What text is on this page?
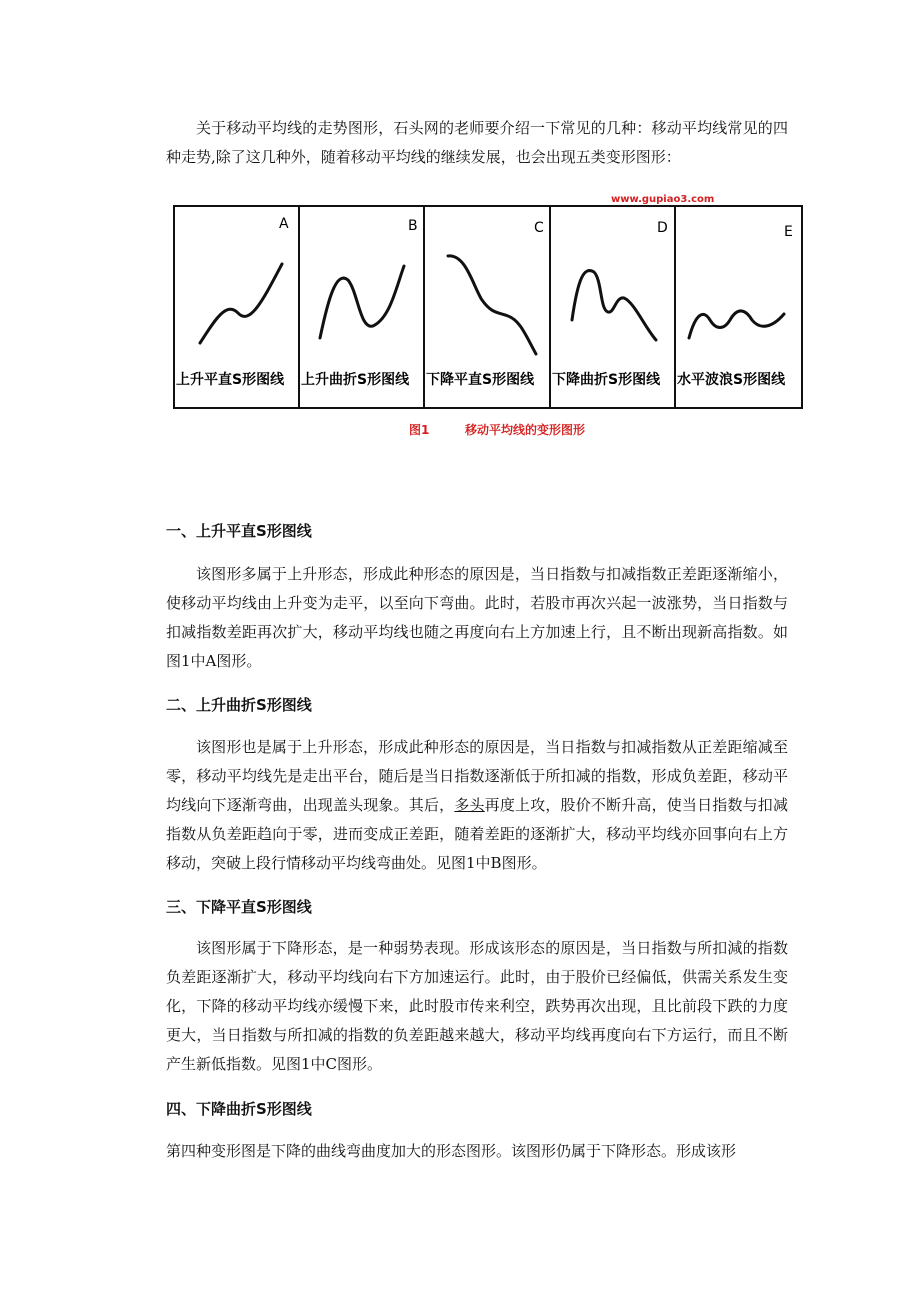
关于移动平均线的走势图形，石头网的老师要介绍一下常见的几种：移动平均线常见的四种走势,除了这几种外，随着移动平均线的继续发展，也会出现五类变形图形：

www.gupiao3.com
A
上升平直S形图线
B
上升曲折S形图线
C
下降平直S形图线
D
下降曲折S形图线
E
水平波浪S形图线
图1	移动平均线的变形图形
一、上升平直S形图线

该图形多属于上升形态，形成此种形态的原因是，当日指数与扣减指数正差距逐渐缩小，使移动平均线由上升变为走平，以至向下弯曲。此时，若股市再次兴起一波涨势，当日指数与扣减指数差距再次扩大，移动平均线也随之再度向右上方加速上行，且不断出现新高指数。如图1中A图形。

二、上升曲折S形图线

该图形也是属于上升形态，形成此种形态的原因是，当日指数与扣减指数从正差距缩减至零，移动平均线先是走出平台，随后是当日指数逐渐低于所扣减的指数，形成负差距，移动平均线向下逐渐弯曲，出现盖头现象。其后，多头再度上攻，股价不断升高，使当日指数与扣减指数从负差距趋向于零，进而变成正差距，随着差距的逐渐扩大，移动平均线亦回事向右上方移动，突破上段行情移动平均线弯曲处。见图1中B图形。

三、下降平直S形图线

该图形属于下降形态，是一种弱势表现。形成该形态的原因是，当日指数与所扣減的指数负差距逐渐扩大，移动平均线向右下方加速运行。此时，由于股价已经偏低，供需关系发生变化，下降的移动平均线亦缓慢下来，此时股市传来利空，跌势再次出现，且比前段下跌的力度更大，当日指数与所扣减的指数的负差距越来越大，移动平均线再度向右下方运行，而且不断产生新低指数。见图1中C图形。

四、下降曲折S形图线

第四种变形图是下降的曲线弯曲度加大的形态图形。该图形仍属于下降形态。形成该形
